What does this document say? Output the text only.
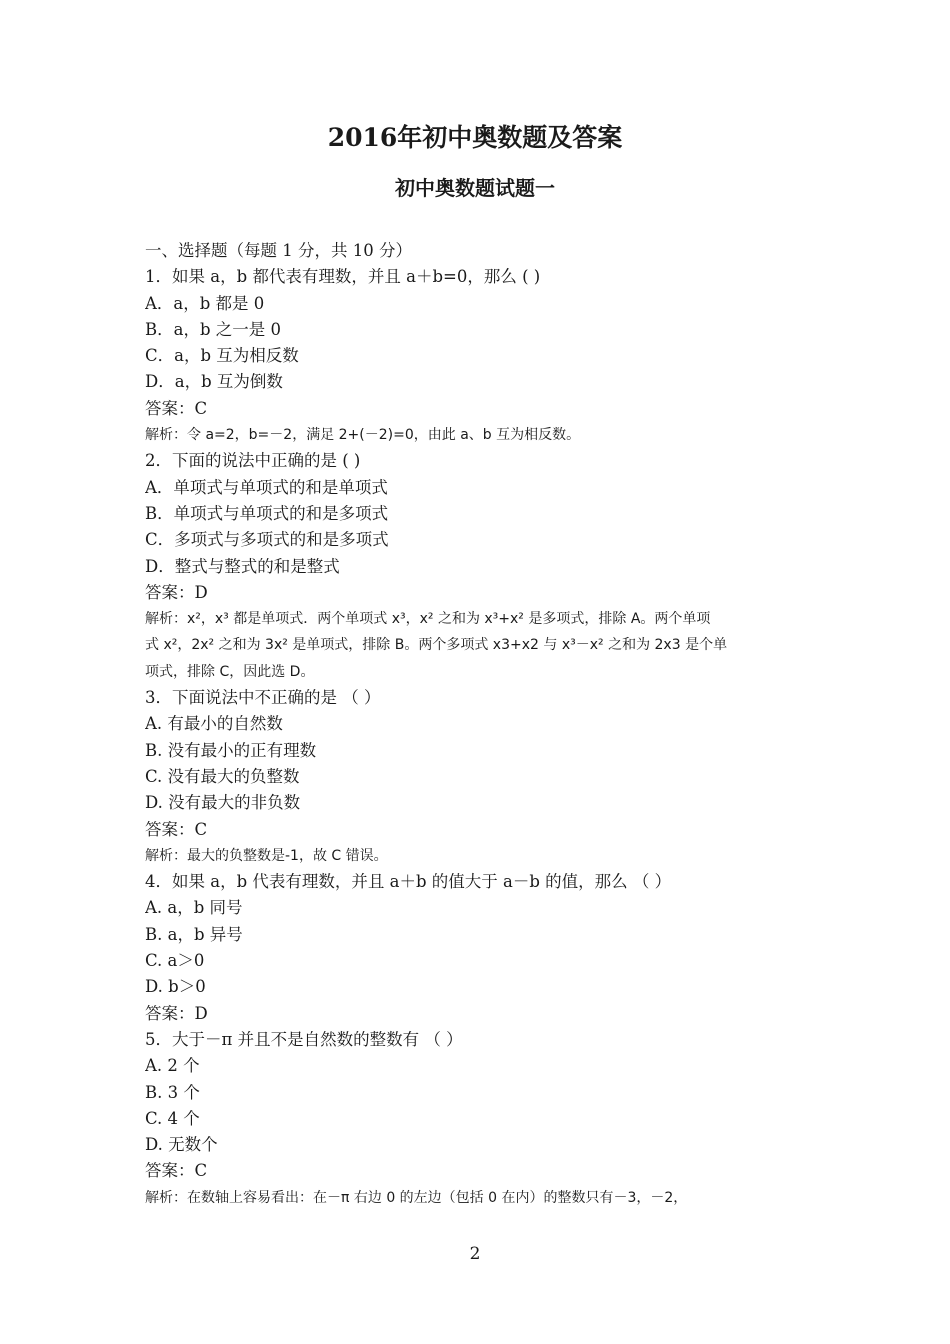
2016年初中奥数题及答案
初中奥数题试题一
一、选择题（每题 1 分，共 10 分）
1．如果 a，b 都代表有理数，并且 a＋b=0，那么 ( )
A．a，b 都是 0
B．a，b 之一是 0
C．a，b 互为相反数
D．a，b 互为倒数
答案：C
解析：令 a=2，b=－2，满足 2+(－2)=0，由此 a、b 互为相反数。
2．下面的说法中正确的是 ( )
A．单项式与单项式的和是单项式
B．单项式与单项式的和是多项式
C．多项式与多项式的和是多项式
D．整式与整式的和是整式
答案：D
解析：x²，x³ 都是单项式．两个单项式 x³，x² 之和为 x³+x² 是多项式，排除 A。两个单项
式 x²，2x² 之和为 3x² 是单项式，排除 B。两个多项式 x3+x2 与 x³－x² 之和为 2x3 是个单
项式，排除 C，因此选 D。
3．下面说法中不正确的是 （ ）
A. 有最小的自然数
B. 没有最小的正有理数
C. 没有最大的负整数
D. 没有最大的非负数
答案：C
解析：最大的负整数是-1，故 C 错误。
4．如果 a，b 代表有理数，并且 a＋b 的值大于 a－b 的值，那么 （ ）
A. a，b 同号
B. a，b 异号
C. a＞0
D. b＞0
答案：D
5．大于－π 并且不是自然数的整数有 （ ）
A. 2 个
B. 3 个
C. 4 个
D. 无数个
答案：C
解析：在数轴上容易看出：在－π 右边 0 的左边（包括 0 在内）的整数只有－3，－2，
2
